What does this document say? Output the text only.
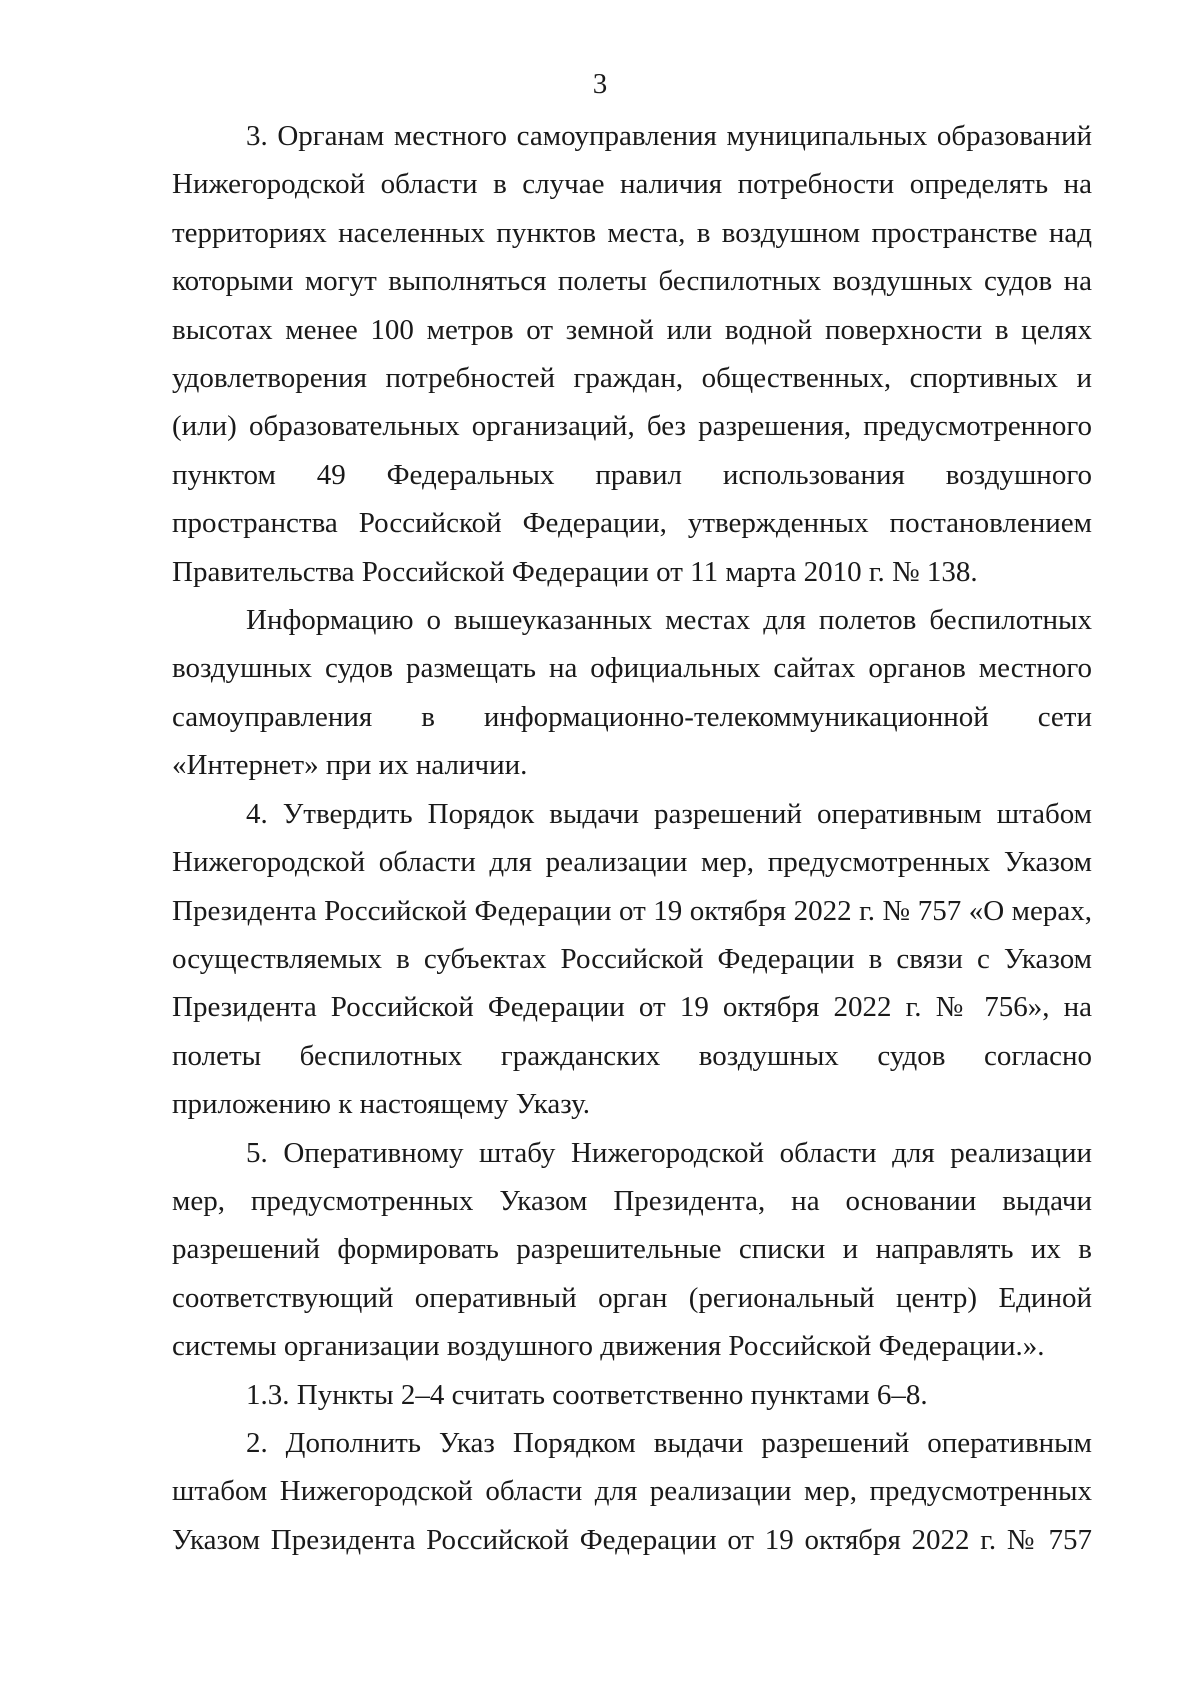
3

3. Органам местного самоуправления муниципальных образований Нижегородской области в случае наличия потребности определять на территориях населенных пунктов места, в воздушном пространстве над которыми могут выполняться полеты беспилотных воздушных судов на высотах менее 100 метров от земной или водной поверхности в целях удовлетворения потребностей граждан, общественных, спортивных и (или) образовательных организаций, без разрешения, предусмотренного пунктом 49 Федеральных правил использования воздушного пространства Российской Федерации, утвержденных постановлением Правительства Российской Федерации от 11 марта 2010 г. № 138.

Информацию о вышеуказанных местах для полетов беспилотных воздушных судов размещать на официальных сайтах органов местного самоуправления в информационно-телекоммуникационной сети «Интернет» при их наличии.

4. Утвердить Порядок выдачи разрешений оперативным штабом Нижегородской области для реализации мер, предусмотренных Указом Президента Российской Федерации от 19 октября 2022 г. № 757 «О мерах, осуществляемых в субъектах Российской Федерации в связи с Указом Президента Российской Федерации от 19 октября 2022 г. № 756», на полеты беспилотных гражданских воздушных судов согласно приложению к настоящему Указу.

5. Оперативному штабу Нижегородской области для реализации мер, предусмотренных Указом Президента, на основании выдачи разрешений формировать разрешительные списки и направлять их в соответствующий оперативный орган (региональный центр) Единой системы организации воздушного движения Российской Федерации.».

1.3. Пункты 2–4 считать соответственно пунктами 6–8.

2. Дополнить Указ Порядком выдачи разрешений оперативным штабом Нижегородской области для реализации мер, предусмотренных Указом Президента Российской Федерации от 19 октября 2022 г. № 757
